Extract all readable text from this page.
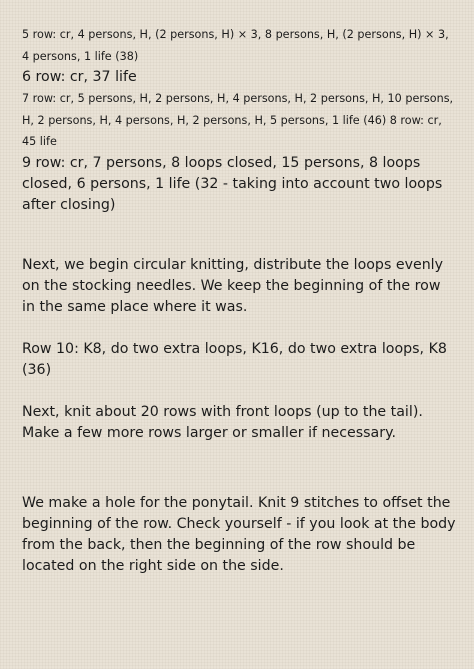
5 row: cr, 4 persons, H, (2 persons, H) × 3, 8 persons, H, (2 persons, H) × 3, 4 persons, 1 life (38)

6 row: cr, 37 life

7 row: cr, 5 persons, H, 2 persons, H, 4 persons, H, 2 persons, H, 10 persons, H, 2 persons, H, 4 persons, H, 2 persons, H, 5 persons, 1 life (46) 8 row: cr, 45 life

9 row: cr, 7 persons, 8 loops closed, 15 persons, 8 loops closed, 6 persons, 1 life (32 - taking into account two loops after closing)

Next, we begin circular knitting, distribute the loops evenly on the stocking needles. We keep the beginning of the row in the same place where it was.

Row 10: K8, do two extra loops, K16, do two extra loops, K8 (36)

Next, knit about 20 rows with front loops (up to the tail). Make a few more rows larger or smaller if necessary.

We make a hole for the ponytail. Knit 9 stitches to offset the beginning of the row. Check yourself - if you look at the body from the back, then the beginning of the row should be located on the right side on the side.
